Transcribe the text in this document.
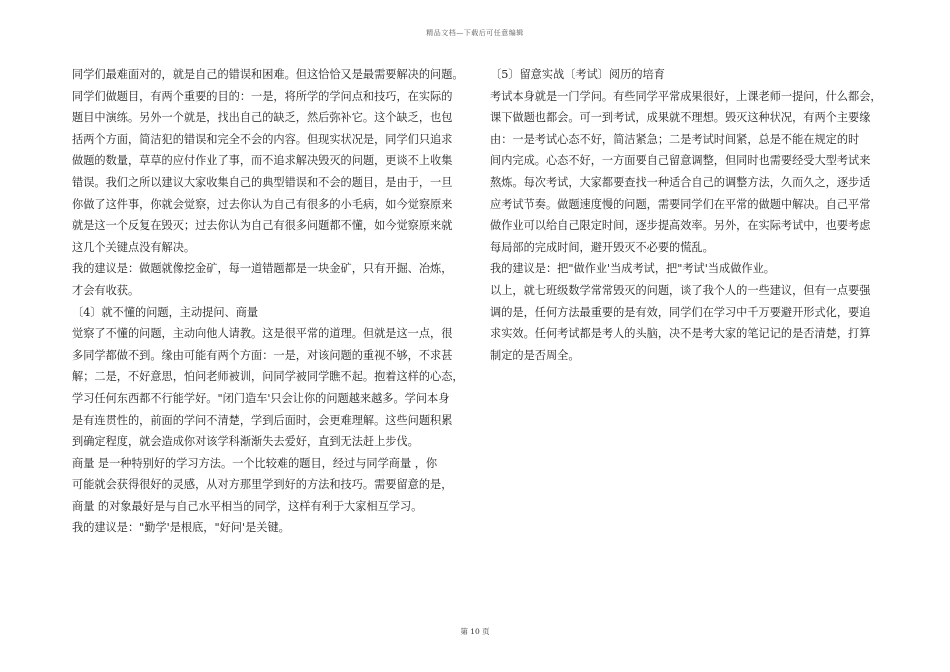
精品文档—下载后可任意编辑
同学们最难面对的，就是自己的错误和困难。但这恰恰又是最需要解决的问题。
同学们做题目，有两个重要的目的：一是，将所学的学问点和技巧，在实际的
题目中演练。另外一个就是，找出自己的缺乏，然后弥补它。这个缺乏，也包
括两个方面，简洁犯的错误和完全不会的内容。但现实状况是，同学们只追求
做题的数量，草草的应付作业了事，而不追求解决毁灭的问题，更谈不上收集
错误。我们之所以建议大家收集自己的典型错误和不会的题目，是由于，一旦
你做了这件事，你就会觉察，过去你认为自己有很多的小毛病，如今觉察原来
就是这一个反复在毁灭；过去你认为自己有很多问题都不懂，如今觉察原来就
这几个关键点没有解决。
我的建议是：做题就像挖金矿，每一道错题都是一块金矿，只有开掘、冶炼，
才会有收获。
〔4〕就不懂的问题，主动提问、商量
觉察了不懂的问题，主动向他人请教。这是很平常的道理。但就是这一点，很
多同学都做不到。缘由可能有两个方面：一是，对该问题的重视不够，不求甚
解；二是，不好意思，怕问老师被训，问同学被同学瞧不起。抱着这样的心态，
学习任何东西都不行能学好。"闭门造车'只会让你的问题越来越多。学问本身
是有连贯性的，前面的学问不清楚，学到后面时，会更难理解。这些问题积累
到确定程度，就会造成你对该学科渐渐失去爱好，直到无法赶上步伐。
商量 是一种特别好的学习方法。一个比较难的题目，经过与同学商量 ，你
可能就会获得很好的灵感，从对方那里学到好的方法和技巧。需要留意的是，
商量 的对象最好是与自己水平相当的同学，这样有利于大家相互学习。
我的建议是："勤学'是根底，"好问'是关键。
〔5〕留意实战〔考试〕阅历的培育
考试本身就是一门学问。有些同学平常成果很好，上课老师一提问，什么都会，
课下做题也都会。可一到考试，成果就不理想。毁灭这种状况，有两个主要缘
由：一是考试心态不好，简洁紧急；二是考试时间紧，总是不能在规定的时
间内完成。心态不好，一方面要自己留意调整，但同时也需要经受大型考试来
熬炼。每次考试，大家都要查找一种适合自己的调整方法，久而久之，逐步适
应考试节奏。做题速度慢的问题，需要同学们在平常的做题中解决。自己平常
做作业可以给自己限定时间，逐步提高效率。另外，在实际考试中，也要考虑
每局部的完成时间，避开毁灭不必要的慌乱。
我的建议是：把"做作业'当成考试，把"考试'当成做作业。
以上，就七班级数学常常毁灭的问题，谈了我个人的一些建议，但有一点要强
调的是，任何方法最重要的是有效，同学们在学习中千万要避开形式化，要追
求实效。任何考试都是考人的头脑，决不是考大家的笔记记的是否清楚，打算
制定的是否周全。
第 10 页
